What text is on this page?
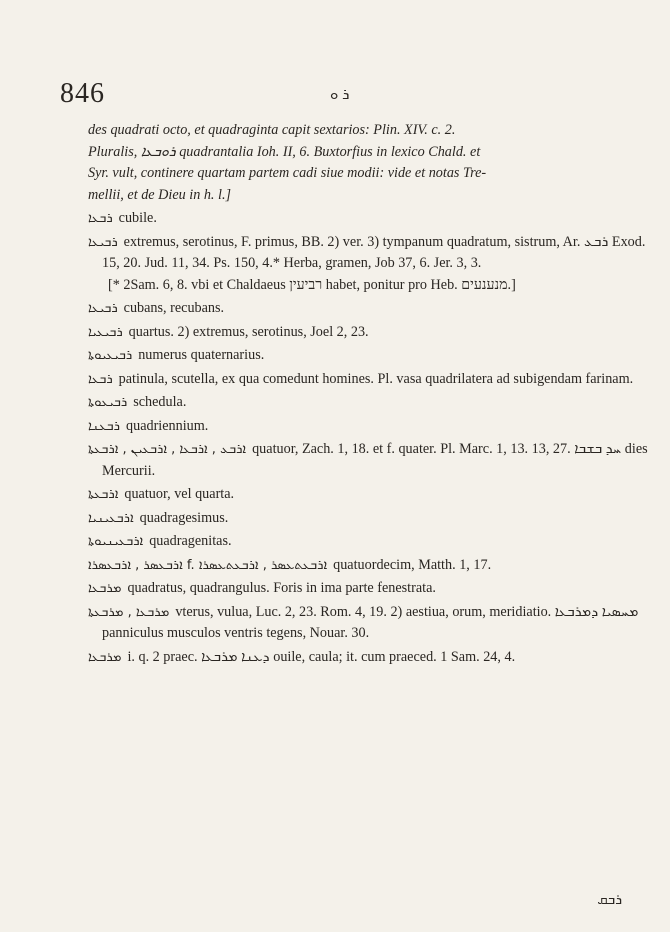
846	ܪ ܘ

des quadrati octo, et quadraginta capit sextarios: Plin. XIV. c. 2.

Pluralis, ܪܘܒܥܐ quadrantalia Ioh. II, 6. Buxtorfius in lexico Chald. et

Syr. vult, continere quartam partem cadi siue modii: vide et notas Tre-

mellii, et de Dieu in h. l.]

ܪܒܥܐ cubile.

ܪܒܝܥܐ extremus, serotinus, F. primus, BB. 2) ver. 3) tympanum quadratum, sistrum, Ar. ܪܒܥ Exod. 15, 20. Jud. 11, 34. Ps. 150, 4.* Herba, gramen, Job 37, 6. Jer. 3, 3.

[* 2Sam. 6, 8. vbi et Chaldaeus רביעין habet, ponitur pro Heb. מנענעים.]

ܪܒܝܥܐ cubans, recubans.

ܪܒܝܥܝܐ quartus. 2) extremus, serotinus, Joel 2, 23.

ܪܒܝܥܝܘܬܐ numerus quaternarius.

ܪܒܥܐ patinula, scutella, ex qua comedunt homines. Pl. vasa quadrilatera ad subigendam farinam.

ܪܒܝܥܘܬܐ schedula.

ܪܒܥܢܐ quadriennium.

ܐܪܒܥ , ܐܪܒܥܐ , ܐܪܒܥܝܢ , ܐܪܒܥܬܐ quatuor, Zach. 1, 18. et f. quater. Pl. Marc. 1, 13. 13, 27. ܚܕ ܒܫܒܐ dies Mercurii.

ܐܪܒܥܬܐ quatuor, vel quarta.

ܐܪܒܥܝܢܝܐ quadragesimus.

ܐܪܒܥܝܢܝܘܬܐ quadragenitas.

ܐܪܒܥܣܪ , ܐܪܒܥܣܪܐ f. ܐܪܒܥܬܥܣܪ , ܐܪܒܥܬܥܣܪܐ quatuordecim, Matth. 1, 17.

ܡܪܒܥܐ quadratus, quadrangulus. Foris in ima parte fenestrata.

ܡܪܒܥܐ , ܡܪܒܥܬܐ vterus, vulua, Luc. 2, 23. Rom. 4, 19. 2) aestiua, orum, meridiatio. ܡܚܣܝܐ ܕܡܪܒܥܐ panniculus musculos ventris tegens, Nouar. 30.

ܡܪܒܥܐ i. q. 2 praec. ܕܥܢܐ ܡܪܒܥܐ ouile, caula; it. cum praeced. 1 Sam. 24, 4.

ܪܒܩ
